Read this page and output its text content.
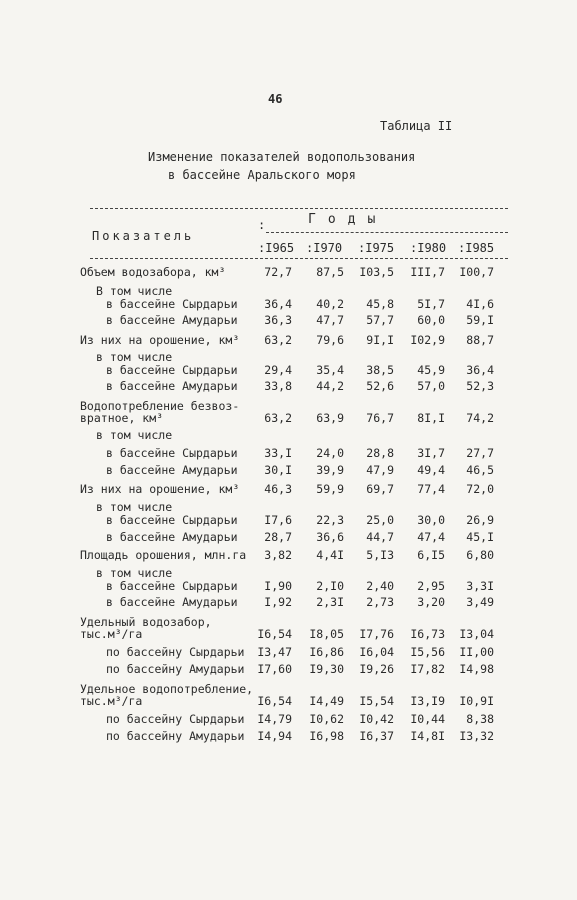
46
Таблица II
Изменение показателей водопользования
в бассейне Аральского моря
:
Показатель
Годы
:I965 :I970 :I975 :I980 :I985
Объем водозабора, км³	72,7	87,5	I03,5	III,7	I00,7
В том числе
в бассейне Сырдарьи	36,4	40,2	45,8	5I,7	4I,6
в бассейне Амударьи	36,3	47,7	57,7	60,0	59,I
Из них на орошение, км³	63,2	79,6	9I,I	I02,9	88,7
в том числе
в бассейне Сырдарьи	29,4	35,4	38,5	45,9	36,4
в бассейне Амударьи	33,8	44,2	52,6	57,0	52,3
Водопотребление безвоз-
вратное, км³	63,2	63,9	76,7	8I,I	74,2
в том числе
в бассейне Сырдарьи	33,I	24,0	28,8	3I,7	27,7
в бассейне Амударьи	30,I	39,9	47,9	49,4	46,5
Из них на орошение, км³	46,3	59,9	69,7	77,4	72,0
в том числе
в бассейне Сырдарьи	I7,6	22,3	25,0	30,0	26,9
в бассейне Амударьи	28,7	36,6	44,7	47,4	45,I
Площадь орошения, млн.га	3,82	4,4I	5,I3	6,I5	6,80
в том числе
в бассейне Сырдарьи	I,90	2,I0	2,40	2,95	3,3I
в бассейне Амударьи	I,92	2,3I	2,73	3,20	3,49
Удельный водозабор,
тыс.м³/га	I6,54	I8,05	I7,76	I6,73	I3,04
по бассейну Сырдарьи	I3,47	I6,86	I6,04	I5,56	II,00
по бассейну Амударьи	I7,60	I9,30	I9,26	I7,82	I4,98
Удельное водопотребление,
тыс.м³/га	I6,54	I4,49	I5,54	I3,I9	I0,9I
по бассейну Сырдарьи	I4,79	I0,62	I0,42	I0,44	8,38
по бассейну Амударьи	I4,94	I6,98	I6,37	I4,8I	I3,32
